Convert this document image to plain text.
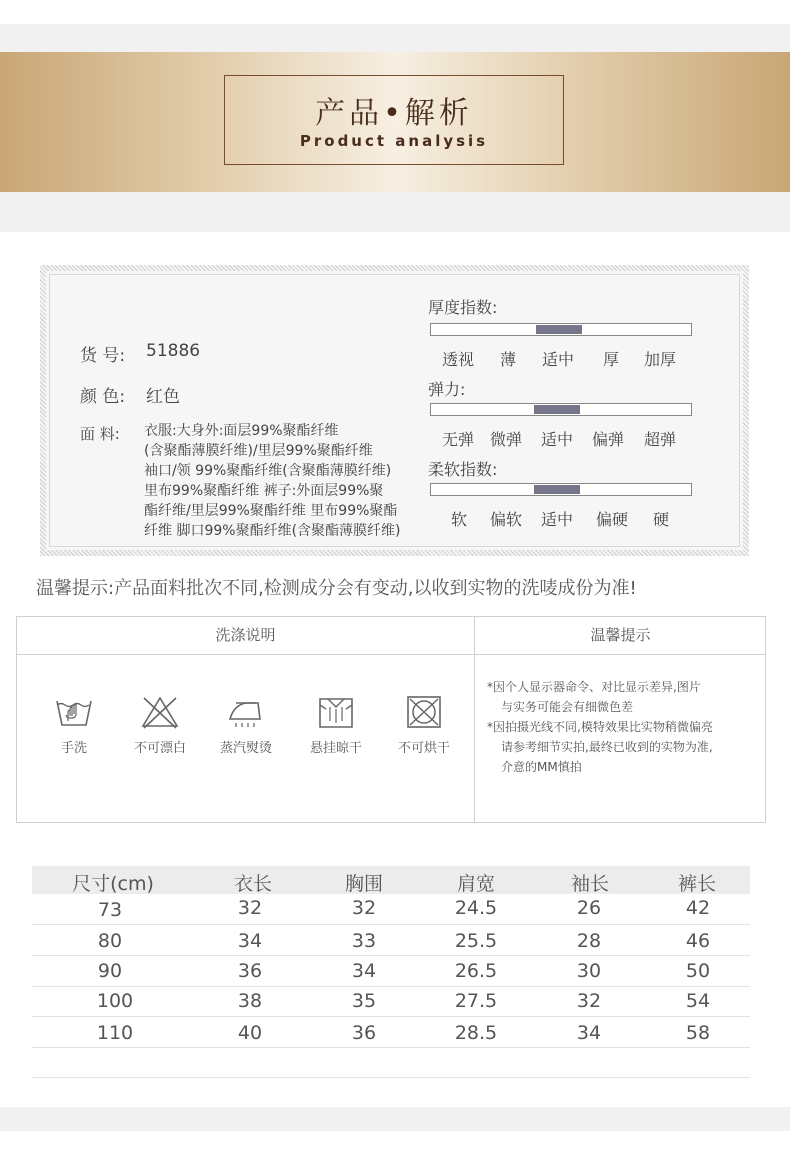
产品•解析
Product analysis
货 号: 51886
颜 色: 红色
面 料: 衣服:大身外:面层99%聚酯纤维
(含聚酯薄膜纤维)/里层99%聚酯纤维
袖口/领 99%聚酯纤维(含聚酯薄膜纤维)
里布99%聚酯纤维 裤子:外面层99%聚
酯纤维/里层99%聚酯纤维 里布99%聚酯
纤维 脚口99%聚酯纤维(含聚酯薄膜纤维)
厚度指数:
透视 薄 适中 厚 加厚
弹力:
无弹 微弹 适中 偏弹 超弹
柔软指数:
软 偏软 适中 偏硬 硬
温馨提示:产品面料批次不同,检测成分会有变动,以收到实物的洗唛成份为准!
洗涤说明	温馨提示
手洗	不可漂白	蒸汽熨烫	悬挂晾干	不可烘干
*因个人显示器命令、对比显示差异,图片
与实务可能会有细微色差
*因拍摄光线不同,模特效果比实物稍微偏亮
请参考细节实拍,最终已收到的实物为准,
介意的MM慎拍
尺寸(cm)	衣长	胸围	肩宽	袖长	裤长
73	32	32	24.5	26	42
80	34	33	25.5	28	46
90	36	34	26.5	30	50
100	38	35	27.5	32	54
110	40	36	28.5	34	58
